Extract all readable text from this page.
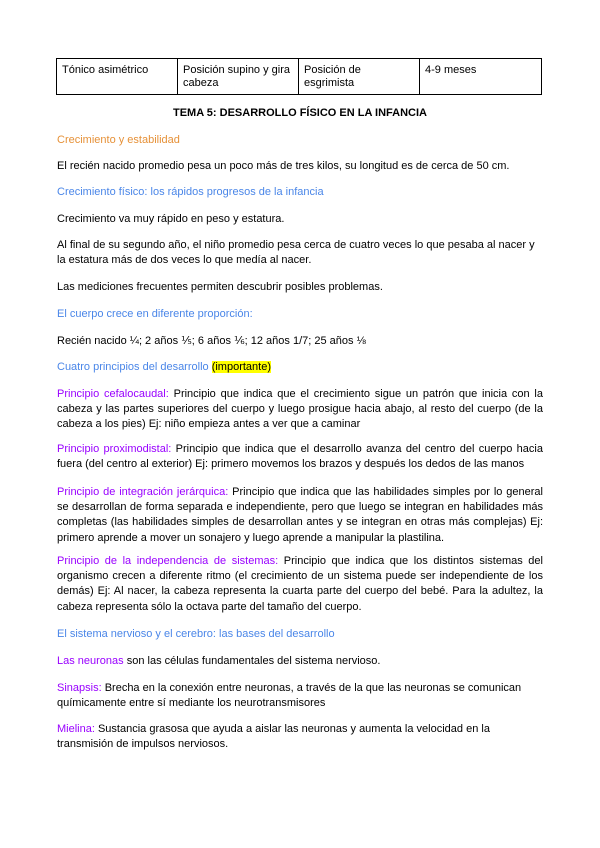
Tónico asimétrico	Posición supino y gira cabeza	Posición de esgrimista	4-9 meses
TEMA 5: DESARROLLO FÍSICO EN LA INFANCIA
Crecimiento y estabilidad
El recién nacido promedio pesa un poco más de tres kilos, su longitud es de cerca de 50 cm.
Crecimiento físico: los rápidos progresos de la infancia
Crecimiento va muy rápido en peso y estatura.
Al final de su segundo año, el niño promedio pesa cerca de cuatro veces lo que pesaba al nacer y la estatura más de dos veces lo que medía al nacer.
Las mediciones frecuentes permiten descubrir posibles problemas.
El cuerpo crece en diferente proporción:
Recién nacido ¼; 2 años ⅕; 6 años ⅙; 12 años 1/7; 25 años ⅛
Cuatro principios del desarrollo (importante)
Principio cefalocaudal: Principio que indica que el crecimiento sigue un patrón que inicia con la cabeza y las partes superiores del cuerpo y luego prosigue hacia abajo, al resto del cuerpo (de la cabeza a los pies) Ej: niño empieza antes a ver que a caminar
Principio proximodistal: Principio que indica que el desarrollo avanza del centro del cuerpo hacia fuera (del centro al exterior) Ej: primero movemos los brazos y después los dedos de las manos
Principio de integración jerárquica: Principio que indica que las habilidades simples por lo general se desarrollan de forma separada e independiente, pero que luego se integran en habilidades más completas (las habilidades simples de desarrollan antes y se integran en otras más complejas) Ej: primero aprende a mover un sonajero y luego aprende a manipular la plastilina.
Principio de la independencia de sistemas: Principio que indica que los distintos sistemas del organismo crecen a diferente ritmo (el crecimiento de un sistema puede ser independiente de los demás) Ej: Al nacer, la cabeza representa la cuarta parte del cuerpo del bebé. Para la adultez, la cabeza representa sólo la octava parte del tamaño del cuerpo.
El sistema nervioso y el cerebro: las bases del desarrollo
Las neuronas son las células fundamentales del sistema nervioso.
Sinapsis: Brecha en la conexión entre neuronas, a través de la que las neuronas se comunican químicamente entre sí mediante los neurotransmisores
Mielina: Sustancia grasosa que ayuda a aislar las neuronas y aumenta la velocidad en la transmisión de impulsos nerviosos.
